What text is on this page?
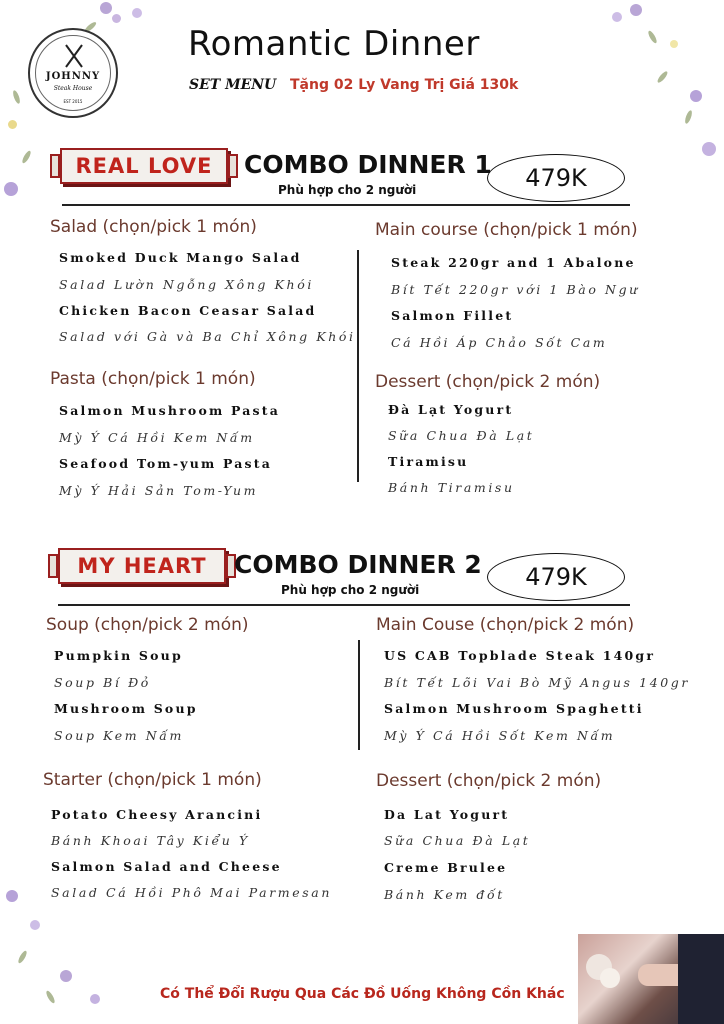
JOHNNY
Steak House
EST 2015
Romantic Dinner
SET MENU Tặng 02 Ly Vang Trị Giá 130k
REAL LOVE	COMBO DINNER 1
Phù hợp cho 2 người	479K
Salad (chọn/pick 1 món)
Smoked Duck Mango Salad
Salad Lườn Ngỗng Xông Khói
Chicken Bacon Ceasar Salad
Salad với Gà và Ba Chỉ Xông Khói
Pasta (chọn/pick 1 món)
Salmon Mushroom Pasta
Mỳ Ý Cá Hồi Kem Nấm
Seafood Tom-yum Pasta
Mỳ Ý Hải Sản Tom-Yum
Main course (chọn/pick 1 món)
Steak 220gr and 1 Abalone
Bít Tết 220gr với 1 Bào Ngư
Salmon Fillet
Cá Hồi Áp Chảo Sốt Cam
Dessert (chọn/pick 2 món)
Đà Lạt Yogurt
Sữa Chua Đà Lạt
Tiramisu
Bánh Tiramisu
MY HEART	COMBO DINNER 2
Phù hợp cho 2 người	479K
Soup (chọn/pick 2 món)
Pumpkin Soup
Soup Bí Đỏ
Mushroom Soup
Soup Kem Nấm
Starter (chọn/pick 1 món)
Potato Cheesy Arancini
Bánh Khoai Tây Kiểu Ý
Salmon Salad and Cheese
Salad Cá Hồi Phô Mai Parmesan
Main Couse (chọn/pick 2 món)
US CAB Topblade Steak 140gr
Bít Tết Lõi Vai Bò Mỹ Angus 140gr
Salmon Mushroom Spaghetti
Mỳ Ý Cá Hồi Sốt Kem Nấm
Dessert (chọn/pick 2 món)
Da Lat Yogurt
Sữa Chua Đà Lạt
Creme Brulee
Bánh Kem đốt
Có Thể Đổi Rượu Qua Các Đồ Uống Không Cồn Khác
